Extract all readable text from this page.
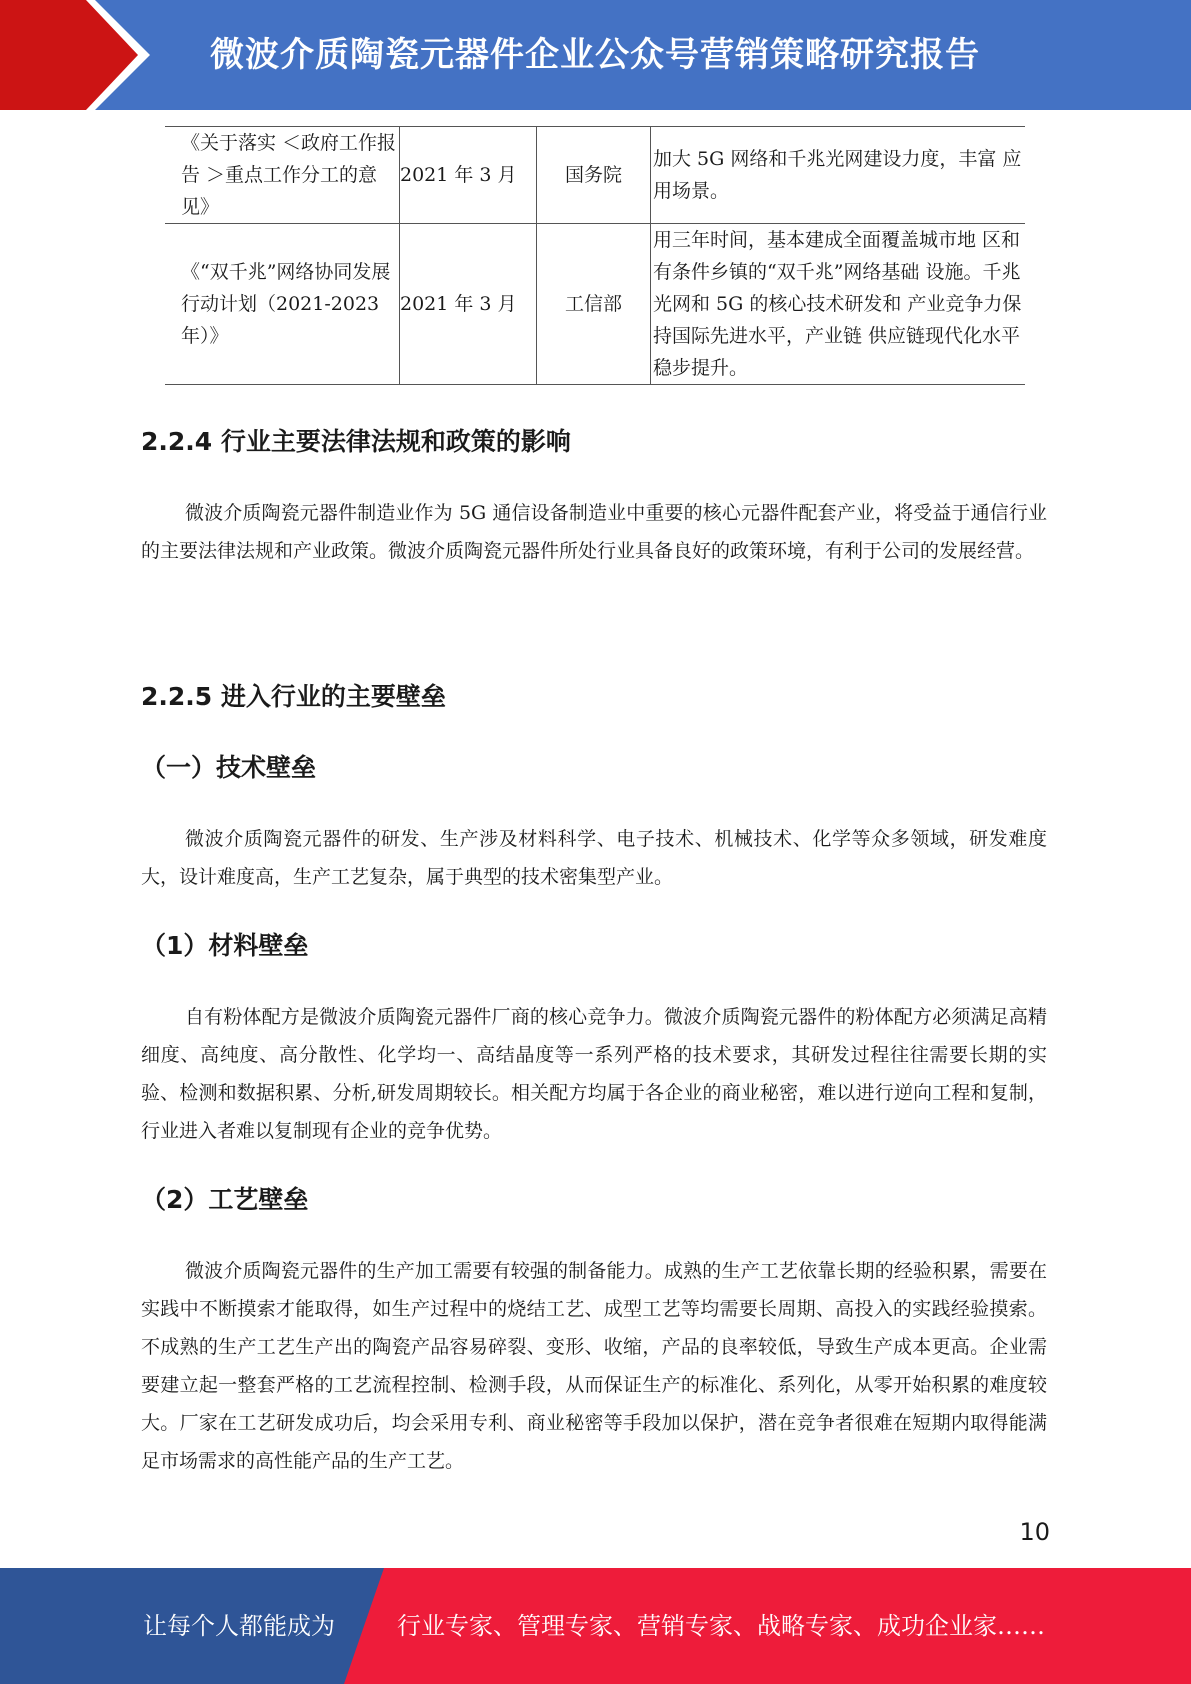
微波介质陶瓷元器件企业公众号营销策略研究报告
《关于落实 ＜政府工作报告 ＞重点工作分工的意见》	2021 年 3 月	国务院	加大 5G 网络和千兆光网建设力度，丰富 应用场景。
《“双千兆”网络协同发展行动计划（2021-2023 年）》	2021 年 3 月	工信部	用三年时间，基本建成全面覆盖城市地 区和有条件乡镇的“双千兆”网络基础 设施。千兆光网和 5G 的核心技术研发和 产业竞争力保持国际先进水平，产业链 供应链现代化水平稳步提升。
2.2.4 行业主要法律法规和政策的影响

微波介质陶瓷元器件制造业作为 5G 通信设备制造业中重要的核心元器件配套产业，将受益于通信行业的主要法律法规和产业政策。微波介质陶瓷元器件所处行业具备良好的政策环境，有利于公司的发展经营。

2.2.5 进入行业的主要壁垒
（一）技术壁垒

微波介质陶瓷元器件的研发、生产涉及材料科学、电子技术、机械技术、化学等众多领域，研发难度大，设计难度高，生产工艺复杂，属于典型的技术密集型产业。

（1）材料壁垒

自有粉体配方是微波介质陶瓷元器件厂商的核心竞争力。微波介质陶瓷元器件的粉体配方必须满足高精细度、高纯度、高分散性、化学均一、高结晶度等一系列严格的技术要求，其研发过程往往需要长期的实验、检测和数据积累、分析,研发周期较长。相关配方均属于各企业的商业秘密，难以进行逆向工程和复制，行业进入者难以复制现有企业的竞争优势。

（2）工艺壁垒

微波介质陶瓷元器件的生产加工需要有较强的制备能力。成熟的生产工艺依靠长期的经验积累，需要在实践中不断摸索才能取得，如生产过程中的烧结工艺、成型工艺等均需要长周期、高投入的实践经验摸索。不成熟的生产工艺生产出的陶瓷产品容易碎裂、变形、收缩，产品的良率较低，导致生产成本更高。企业需要建立起一整套严格的工艺流程控制、检测手段，从而保证生产的标准化、系列化，从零开始积累的难度较大。厂家在工艺研发成功后，均会采用专利、商业秘密等手段加以保护，潜在竞争者很难在短期内取得能满足市场需求的高性能产品的生产工艺。

10
让每个人都能成为	行业专家、管理专家、营销专家、战略专家、成功企业家……
